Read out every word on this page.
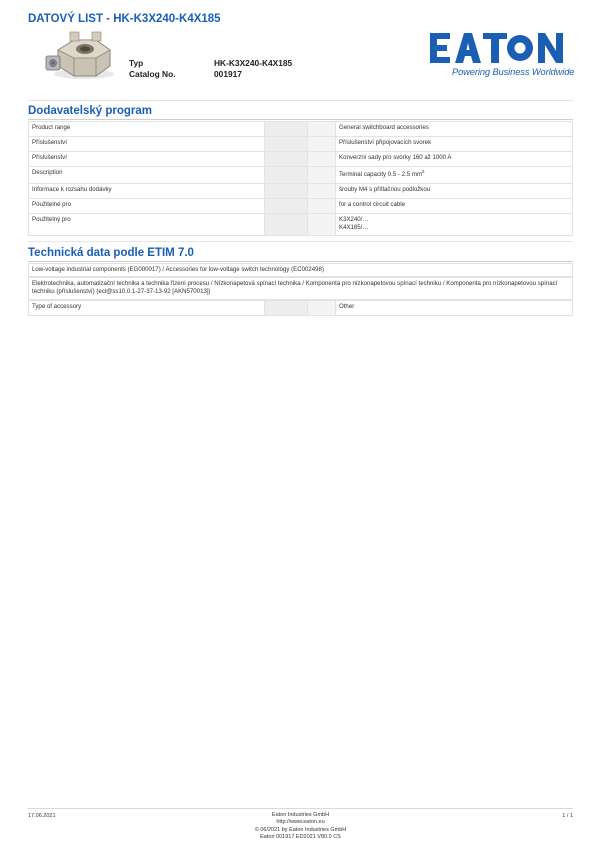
DATOVÝ LIST - HK-K3X240-K4X185
Typ	HK-K3X240-K4X185
Catalog No.	001917	Powering Business Worldwide
Dodavatelský program
Product range			General switchboard accessories
Příslušenství			Příslušenství připojovacích svorek
Příslušenství			Konverzní sady pro svorky 160 až 1000 A
Description			Terminal capacity 0.5 - 2.5 $mm^2$
Informace k rozsahu dodávky			šrouby M4 s přítlačnou podložkou
Použitelné pro			for a control circuit cable
Použitelný pro			K3X240/…
K4X185/…
Technická data podle ETIM 7.0
Low-voltage industrial components (EG000017) / Accessories for low-voltage switch technology (EC002498)
Elektrotechnika, automatizační technika a technika řízení procesu / Nízkonapetová spínací technika / Komponenta pro nízkonapetovou spínací techniku / Komponenta pro nízkonapetovou spínací techniku (příslušenství) (ecl@ss10.0.1-27-37-13-92 [AKN570013])
Type of accessory			Other
17.06.2021	Eaton Industries GmbH
http://www.eaton.eu
© 06/2021 by Eaton Industries GmbH
Eaton 001917 ED2021 V80.0 CS
1 / 1
